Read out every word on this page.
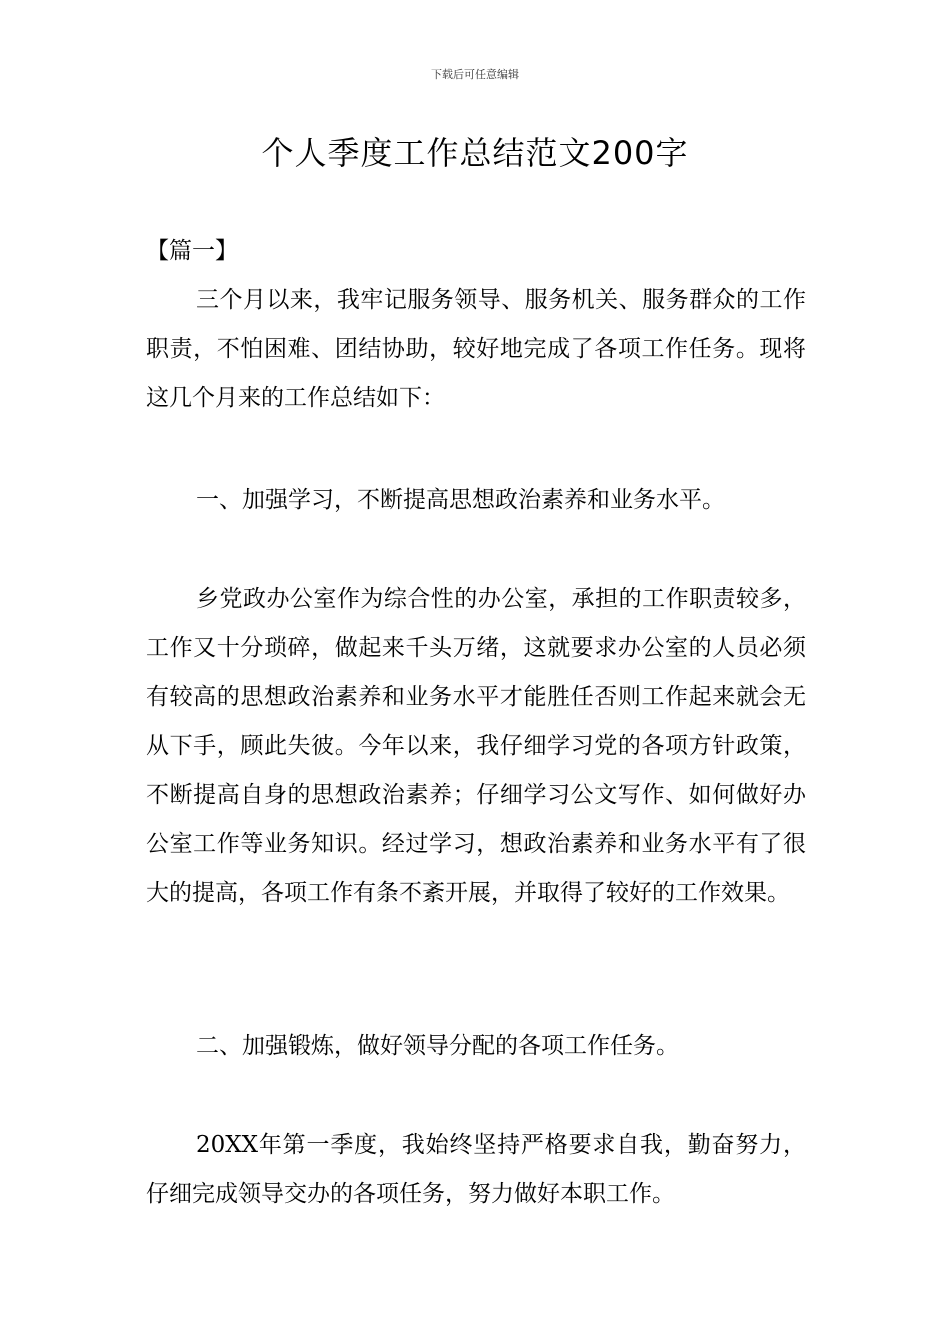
下载后可任意编辑
个人季度工作总结范文200字
【篇一】

三个月以来，我牢记服务领导、服务机关、服务群众的工作职责，不怕困难、团结协助，较好地完成了各项工作任务。现将这几个月来的工作总结如下：

一、加强学习，不断提高思想政治素养和业务水平。

乡党政办公室作为综合性的办公室，承担的工作职责较多，工作又十分琐碎，做起来千头万绪，这就要求办公室的人员必须有较高的思想政治素养和业务水平才能胜任否则工作起来就会无从下手，顾此失彼。今年以来，我仔细学习党的各项方针政策，不断提高自身的思想政治素养；仔细学习公文写作、如何做好办公室工作等业务知识。经过学习，想政治素养和业务水平有了很大的提高，各项工作有条不紊开展，并取得了较好的工作效果。

二、加强锻炼，做好领导分配的各项工作任务。

20XX年第一季度，我始终坚持严格要求自我，勤奋努力，仔细完成领导交办的各项任务，努力做好本职工作。
